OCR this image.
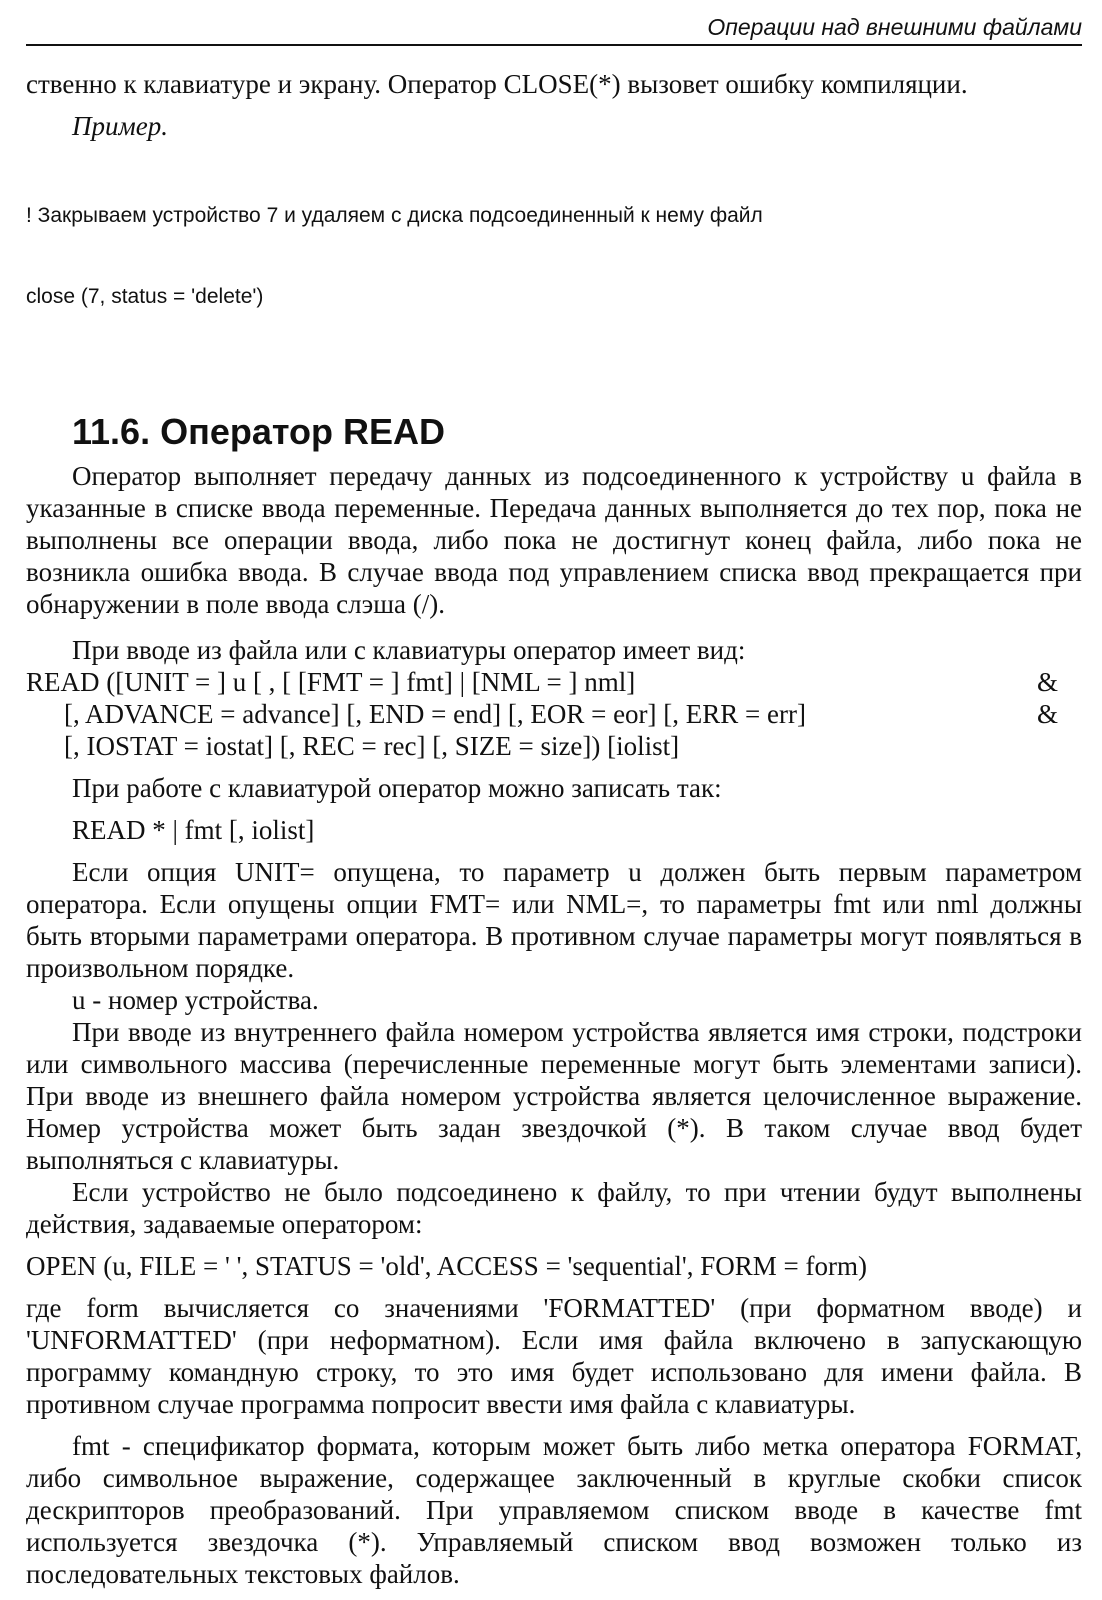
Операции над внешними файлами

ственно к клавиатуре и экрану. Оператор CLOSE(*) вызовет ошибку компиляции.

Пример.

! Закрываем устройство 7 и удаляем с диска подсоединенный к нему файл

close (7, status = 'delete')

11.6. Оператор READ

Оператор выполняет передачу данных из подсоединенного к устройству u файла в указанные в списке ввода переменные. Передача данных выполняется до тех пор, пока не выполнены все операции ввода, либо пока не достигнут конец файла, либо пока не возникла ошибка ввода. В случае ввода под управлением списка ввод прекращается при обнаружении в поле ввода слэша (/).

При вводе из файла или с клавиатуры оператор имеет вид:

READ ([UNIT = ] u [ , [ [FMT = ] fmt] | [NML = ] nml]	&
[, ADVANCE = advance] [, END = end] [, EOR = eor] [, ERR = err]	&
[, IOSTAT = iostat] [, REC = rec] [, SIZE = size]) [iolist]

При работе с клавиатурой оператор можно записать так:

READ * | fmt [, iolist]

Если опция UNIT= опущена, то параметр u должен быть первым параметром оператора. Если опущены опции FMT= или NML=, то параметры fmt или nml должны быть вторыми параметрами оператора. В противном случае параметры могут появляться в произвольном порядке.

u - номер устройства.

При вводе из внутреннего файла номером устройства является имя строки, подстроки или символьного массива (перечисленные переменные могут быть элементами записи). При вводе из внешнего файла номером устройства является целочисленное выражение. Номер устройства может быть задан звездочкой (*). В таком случае ввод будет выполняться с клавиатуры.

Если устройство не было подсоединено к файлу, то при чтении будут выполнены действия, задаваемые оператором:

OPEN (u, FILE = ' ', STATUS = 'old', ACCESS = 'sequential', FORM = form)

где form вычисляется со значениями 'FORMATTED' (при форматном вводе) и 'UNFORMATTED' (при неформатном). Если имя файла включено в запускающую программу командную строку, то это имя будет использовано для имени файла. В противном случае программа попросит ввести имя файла с клавиатуры.

fmt - спецификатор формата, которым может быть либо метка оператора FORMAT, либо символьное выражение, содержащее заключенный в круглые скобки список дескрипторов преобразований. При управляемом списком вводе в качестве fmt используется звездочка (*). Управляемый списком ввод возможен только из последовательных текстовых файлов.
